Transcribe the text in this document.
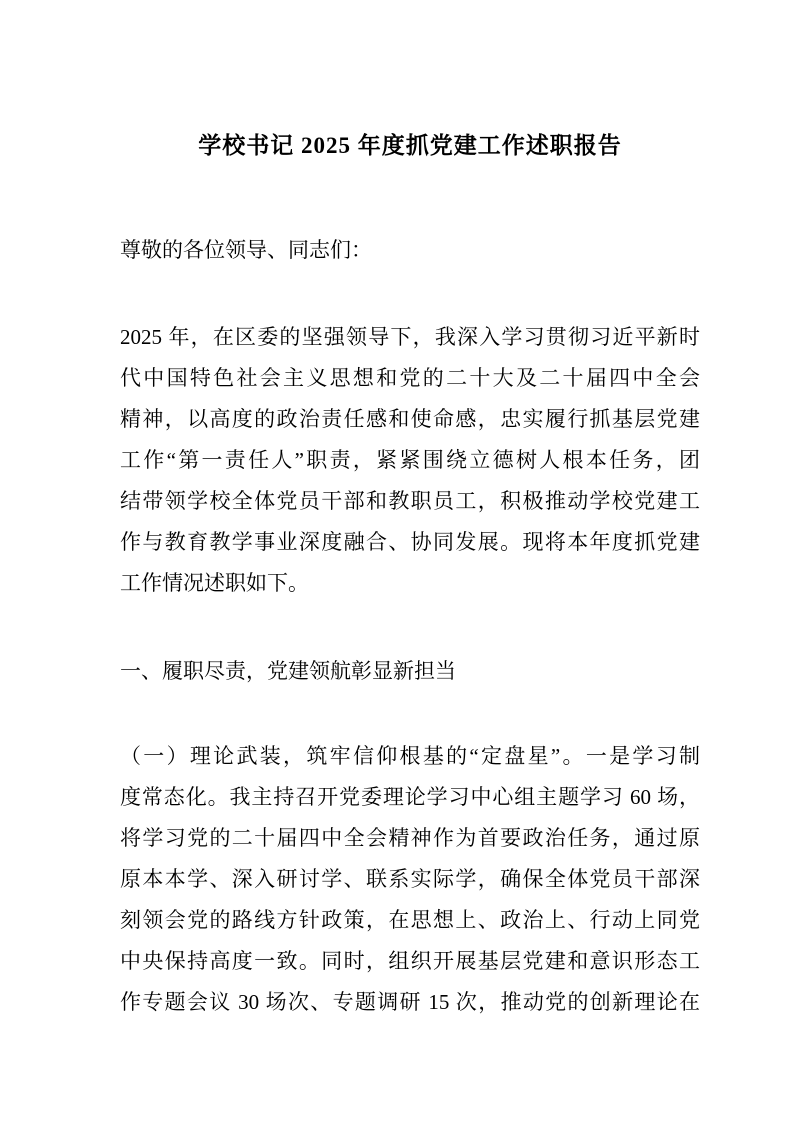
学校书记 2025 年度抓党建工作述职报告
尊敬的各位领导、同志们：
2025 年，在区委的坚强领导下，我深入学习贯彻习近平新时
代中国特色社会主义思想和党的二十大及二十届四中全会
精神，以高度的政治责任感和使命感，忠实履行抓基层党建
工作“第一责任人”职责，紧紧围绕立德树人根本任务，团
结带领学校全体党员干部和教职员工，积极推动学校党建工
作与教育教学事业深度融合、协同发展。现将本年度抓党建
工作情况述职如下。
一、履职尽责，党建领航彰显新担当
（一）理论武装，筑牢信仰根基的“定盘星”。一是学习制
度常态化。我主持召开党委理论学习中心组主题学习 60 场，
将学习党的二十届四中全会精神作为首要政治任务，通过原
原本本学、深入研讨学、联系实际学，确保全体党员干部深
刻领会党的路线方针政策，在思想上、政治上、行动上同党
中央保持高度一致。同时，组织开展基层党建和意识形态工
作专题会议 30 场次、专题调研 15 次，推动党的创新理论在
